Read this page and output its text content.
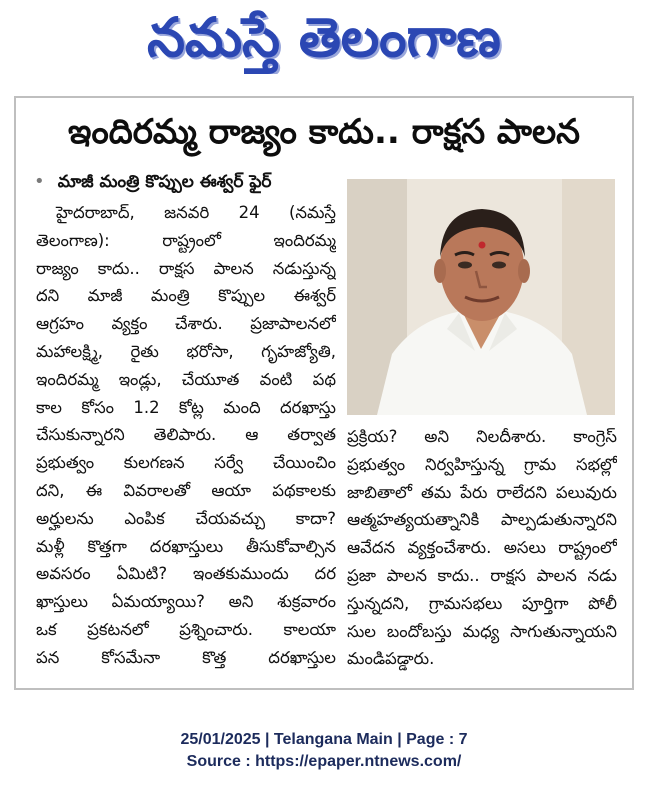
నమస్తే తెలంగాణ
ఇందిరమ్మ రాజ్యం కాదు.. రాక్షస పాలన
• మాజీ మంత్రి కొప్పుల ఈశ్వర్ ఫైర్
హైదరాబాద్, జనవరి 24 (నమస్తే
తెలంగాణ): రాష్ట్రంలో ఇందిరమ్మ
రాజ్యం కాదు.. రాక్షస పాలన నడుస్తున్న
దని మాజీ మంత్రి కొప్పుల ఈశ్వర్
ఆగ్రహం వ్యక్తం చేశారు. ప్రజాపాలనలో
మహాలక్ష్మి, రైతు భరోసా, గృహజ్యోతి,
ఇందిరమ్మ ఇండ్లు, చేయూత వంటి పథ
కాల కోసం 1.2 కోట్ల మంది దరఖాస్తు
చేసుకున్నారని తెలిపారు. ఆ తర్వాత
ప్రభుత్వం కులగణన సర్వే చేయించిం
దని, ఈ వివరాలతో ఆయా పథకాలకు
అర్హులను ఎంపిక చేయవచ్చు కాదా?
మళ్లీ కొత్తగా దరఖాస్తులు తీసుకోవాల్సిన
అవసరం ఏమిటి? ఇంతకుముందు దర
ఖాస్తులు ఏమయ్యాయి? అని శుక్రవారం
ఒక ప్రకటనలో ప్రశ్నించారు. కాలయా
పన కోసమేనా కొత్త దరఖాస్తుల
ప్రక్రియ? అని నిలదీశారు. కాంగ్రెస్
ప్రభుత్వం నిర్వహిస్తున్న గ్రామ సభల్లో
జాబితాలో తమ పేరు రాలేదని పలువురు
ఆత్మహత్యయత్నానికి పాల్పడుతున్నారని
ఆవేదన వ్యక్తంచేశారు. అసలు రాష్ట్రంలో
ప్రజా పాలన కాదు.. రాక్షస పాలన నడు
స్తున్నదని, గ్రామసభలు పూర్తిగా పోలీ
సుల బందోబస్తు మధ్య సాగుతున్నాయని
మండిపడ్డారు.
25/01/2025 | Telangana Main | Page : 7
Source : https://epaper.ntnews.com/
